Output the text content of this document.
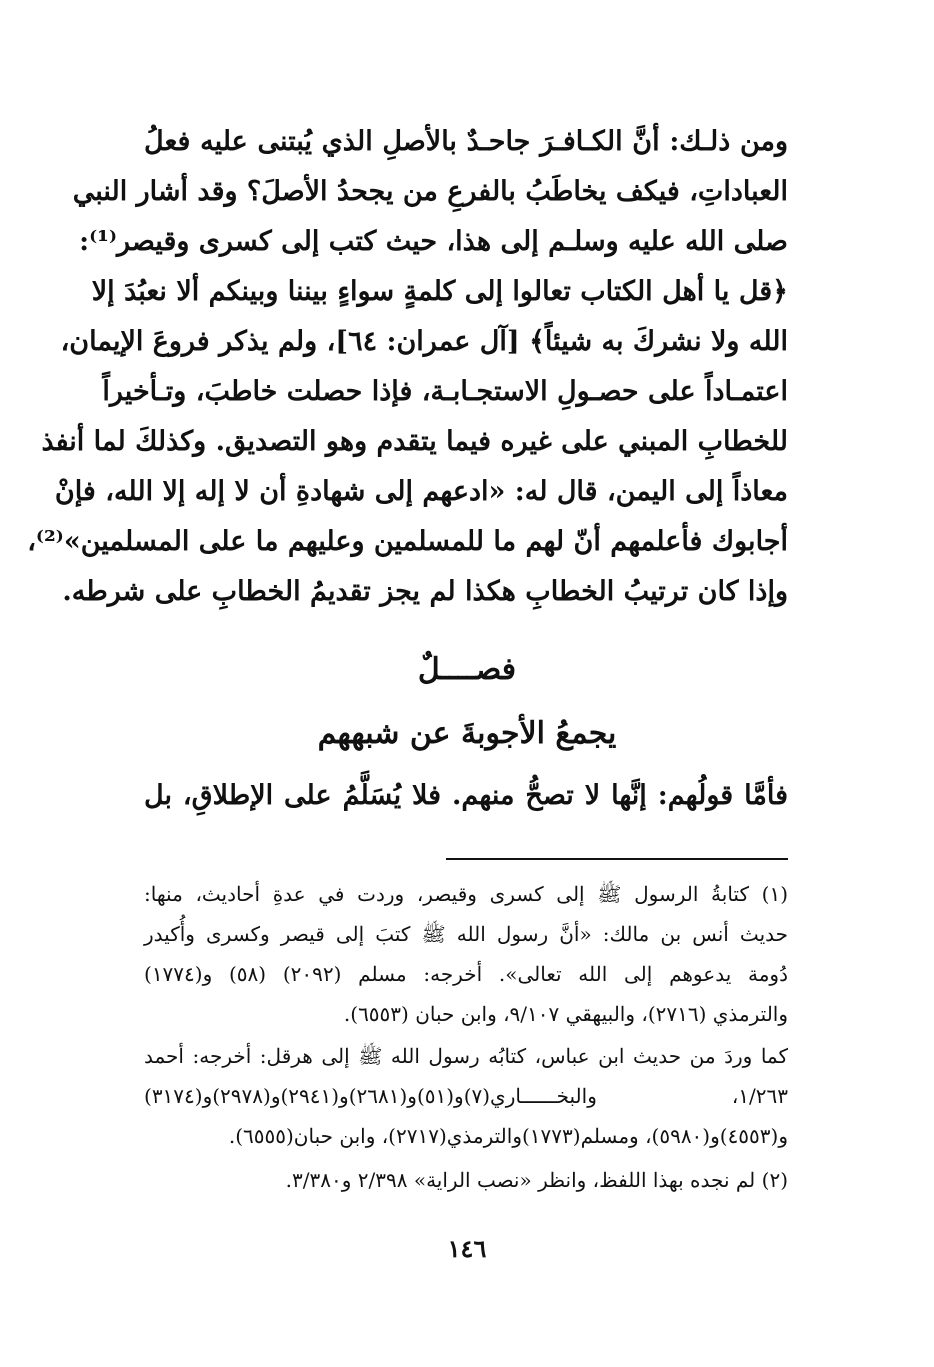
ومن ذلـك: أنَّ الكـافـرَ جاحـدٌ بالأصلِ الذي يُبتنى عليه فعلُ
العباداتِ، فيكف يخاطَبُ بالفرعِ من يجحدُ الأصلَ؟ وقد أشار النبي
صلى الله عليه وسلـم إلى هذا، حيث كتب إلى كسرى وقيصر⁽¹⁾:
﴿قل يا أهل الكتاب تعالوا إلى كلمةٍ سواءٍ بيننا وبينكم ألا نعبُدَ إلا
الله ولا نشركَ به شيئاً﴾ [آل عمران: ٦٤]، ولم يذكر فروعَ الإيمان،
اعتمـاداً على حصـولِ الاستجـابـة، فإذا حصلت خاطبَ، وتـأخيراً
للخطابِ المبني على غيره فيما يتقدم وهو التصديق. وكذلكَ لما أنفذ
معاذاً إلى اليمن، قال له: «ادعهم إلى شهادةِ أن لا إله إلا الله، فإنْ
أجابوك فأعلمهم أنّ لهم ما للمسلمين وعليهم ما على المسلمين»⁽²⁾،
وإذا كان ترتيبُ الخطابِ هكذا لم يجز تقديمُ الخطابِ على شرطه.
فصــــلٌ
يجمعُ الأجوبةَ عن شبههم
فأمَّا قولُهم: إنَّها لا تصحُّ منهم. فلا يُسَلَّمُ على الإطلاقِ، بل
(١) كتابةُ الرسول ﷺ إلى كسرى وقيصر، وردت في عدةِ أحاديث، منها:
حديث أنس بن مالك: «أنَّ رسول الله ﷺ كتبَ إلى قيصر وكسرى وأُكيدر
دُومة يدعوهم إلى الله تعالى». أخرجه: مسلم (٢٠٩٢) (٥٨) و(١٧٧٤)
والترمذي (٢٧١٦)، والبيهقي ٩/١٠٧، وابن حبان (٦٥٥٣).
كما وردَ من حديث ابن عباس، كتابُه رسول الله ﷺ إلى هرقل: أخرجه: أحمد
١/٢٦٣، والبخــــــاري(٧)و(٥١)و(٢٦٨١)و(٢٩٤١)و(٢٩٧٨)و(٣١٧٤)
و(٤٥٥٣)و(٥٩٨٠)، ومسلم(١٧٧٣)والترمذي(٢٧١٧)، وابن حبان(٦٥٥٥).
(٢) لم نجده بهذا اللفظ، وانظر «نصب الراية» ٢/٣٩٨ و٣/٣٨٠.
١٤٦
